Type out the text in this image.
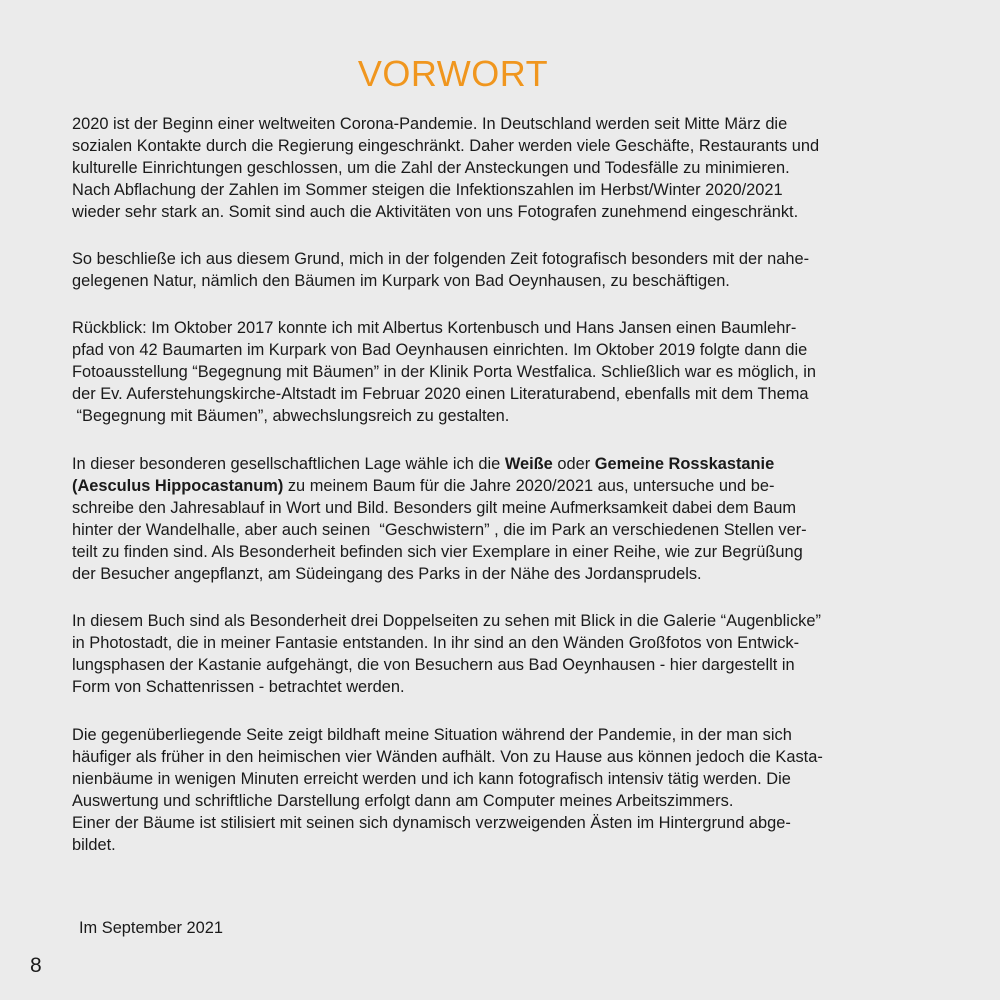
VORWORT
2020 ist der Beginn einer weltweiten Corona-Pandemie. In Deutschland werden seit Mitte März die
sozialen Kontakte durch die Regierung eingeschränkt. Daher werden viele Geschäfte, Restaurants und
kulturelle Einrichtungen geschlossen, um die Zahl der Ansteckungen und Todesfälle zu minimieren.
Nach Abflachung der Zahlen im Sommer steigen die Infektionszahlen im Herbst/Winter 2020/2021
wieder sehr stark an. Somit sind auch die Aktivitäten von uns Fotografen zunehmend eingeschränkt.
So beschließe ich aus diesem Grund, mich in der folgenden Zeit fotografisch besonders mit der nahe-
gelegenen Natur, nämlich den Bäumen im Kurpark von Bad Oeynhausen, zu beschäftigen.
Rückblick: Im Oktober 2017 konnte ich mit Albertus Kortenbusch und Hans Jansen einen Baumlehr-
pfad von 42 Baumarten im Kurpark von Bad Oeynhausen einrichten. Im Oktober 2019 folgte dann die
Fotoausstellung “Begegnung mit Bäumen” in der Klinik Porta Westfalica. Schließlich war es möglich, in
der Ev. Auferstehungskirche-Altstadt im Februar 2020 einen Literaturabend, ebenfalls mit dem Thema
“Begegnung mit Bäumen”, abwechslungsreich zu gestalten.
In dieser besonderen gesellschaftlichen Lage wähle ich die Weiße oder Gemeine Rosskastanie
(Aesculus Hippocastanum) zu meinem Baum für die Jahre 2020/2021 aus, untersuche und be-
schreibe den Jahresablauf in Wort und Bild. Besonders gilt meine Aufmerksamkeit dabei dem Baum
hinter der Wandelhalle, aber auch seinen  “Geschwistern” , die im Park an verschiedenen Stellen ver-
teilt zu finden sind. Als Besonderheit befinden sich vier Exemplare in einer Reihe, wie zur Begrüßung
der Besucher angepflanzt, am Südeingang des Parks in der Nähe des Jordansprudels.
In diesem Buch sind als Besonderheit drei Doppelseiten zu sehen mit Blick in die Galerie “Augenblicke”
in Photostadt, die in meiner Fantasie entstanden. In ihr sind an den Wänden Großfotos von Entwick-
lungsphasen der Kastanie aufgehängt, die von Besuchern aus Bad Oeynhausen - hier dargestellt in
Form von Schattenrissen - betrachtet werden.
Die gegenüberliegende Seite zeigt bildhaft meine Situation während der Pandemie, in der man sich
häufiger als früher in den heimischen vier Wänden aufhält. Von zu Hause aus können jedoch die Kasta-
nienbäume in wenigen Minuten erreicht werden und ich kann fotografisch intensiv tätig werden. Die
Auswertung und schriftliche Darstellung erfolgt dann am Computer meines Arbeitszimmers.
Einer der Bäume ist stilisiert mit seinen sich dynamisch verzweigenden Ästen im Hintergrund abge-
bildet.
Im September 2021
8
